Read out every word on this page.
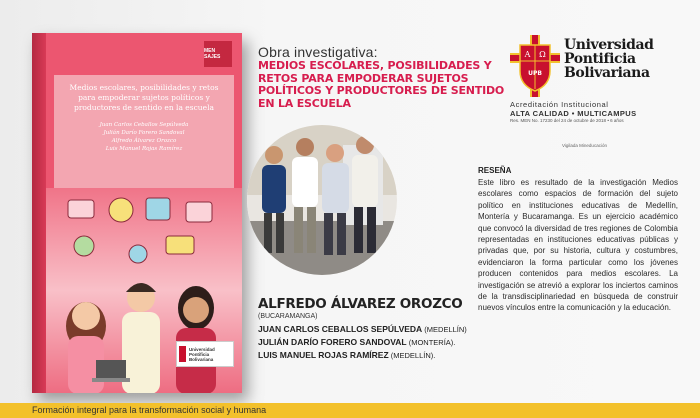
MEN SAJES
Medios escolares, posibilidades y retos para empoderar sujetos políticos y productores de sentido en la escuela
Juan Carlos Ceballos Sepúlveda
Julián Darío Forero Sandoval
Alfredo Álvarez Orozco
Luis Manuel Rojas Ramírez
Universidad Pontificia Bolivariana
Obra investigativa:
MEDIOS ESCOLARES, POSIBILIDADES Y RETOS PARA EMPODERAR SUJETOS POLÍTICOS Y PRODUCTORES DE SENTIDO EN LA ESCUELA
Α Ω
UPB
Universidad
Pontificia
Bolivariana
Acreditación Institucional
ALTA CALIDAD • MULTICAMPUS
Res. MEN No. 17230 del 24 de octubre de 2018 • 6 años
Vigilada Mineducación
RESEÑA
Este libro es resultado de la investigación Medios escolares como espacios de formación del sujeto político en instituciones educativas de Medellín, Montería y Bucaramanga. Es un ejercicio académico que convocó la diversidad de tres regiones de Colombia representadas en instituciones educativas públicas y privadas que, por su historia, cultura y costumbres, evidenciaron la forma particular como los jóvenes producen contenidos para medios escolares. La investigación se atrevió a explorar los inciertos caminos de la transdisciplinariedad en búsqueda de construir nuevos vínculos entre la comunicación y la educación.
ALFREDO ÁLVAREZ OROZCO
(BUCARAMANGA)
JUAN CARLOS CEBALLOS SEPÚLVEDA (MEDELLÍN)
JULIÁN DARÍO FORERO SANDOVAL (MONTERÍA).
LUIS MANUEL ROJAS RAMÍREZ (MEDELLÍN).
Formación integral para la transformación social y humana
